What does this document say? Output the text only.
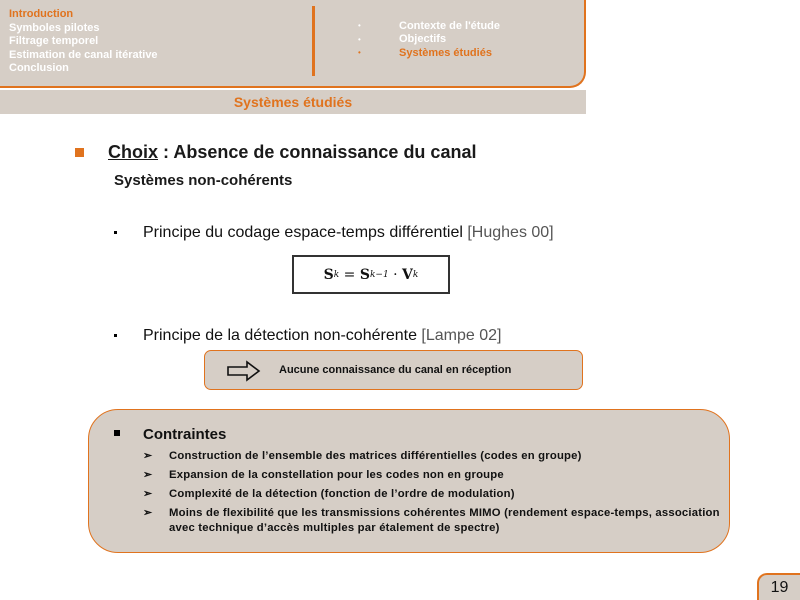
Introduction
Symboles pilotes
Filtrage temporel
Estimation de canal itérative
Conclusion
•	Contexte de l'étude
•	Objectifs
•	Systèmes étudiés
Systèmes étudiés
Choix : Absence de connaissance du canal
Systèmes non-cohérents
Principe du codage espace-temps différentiel [Hughes 00]
S k = S k−1 · V k
Principe de la détection non-cohérente [Lampe 02]
Aucune connaissance du canal en réception
Contraintes
➢ Construction de l’ensemble des matrices différentielles (codes en groupe)
➢ Expansion de la constellation pour les codes non en groupe
➢ Complexité de la détection (fonction de l’ordre de modulation)
➢ Moins de flexibilité que les transmissions cohérentes MIMO (rendement espace-temps, association avec technique d’accès multiples par étalement de spectre)
19
